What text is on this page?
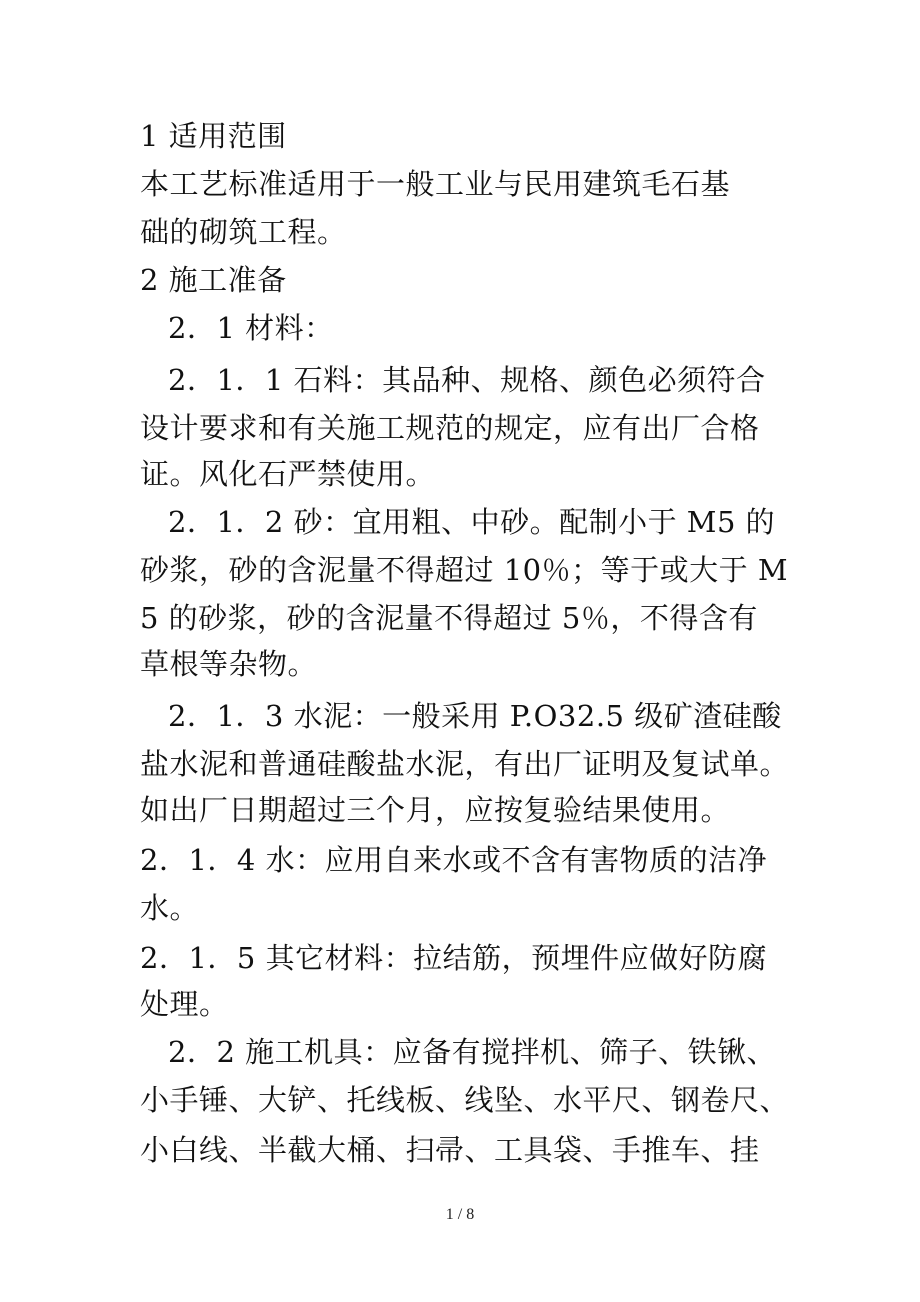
1 适用范围
本工艺标准适用于一般工业与民用建筑毛石基
础的砌筑工程。
2 施工准备
2．1 材料：
2．1．1 石料：其品种、规格、颜色必须符合
设计要求和有关施工规范的规定，应有出厂合格
证。风化石严禁使用。
2．1．2 砂：宜用粗、中砂。配制小于 M5 的
砂浆，砂的含泥量不得超过 10％；等于或大于 M
5 的砂浆，砂的含泥量不得超过 5％，不得含有
草根等杂物。
2．1．3 水泥：一般采用 P.O32.5 级矿渣硅酸
盐水泥和普通硅酸盐水泥，有出厂证明及复试单。
如出厂日期超过三个月，应按复验结果使用。
2．1．4 水：应用自来水或不含有害物质的洁净
水。
2．1．5 其它材料：拉结筋，预埋件应做好防腐
处理。
2．2 施工机具：应备有搅拌机、筛子、铁锹、
小手锤、大铲、托线板、线坠、水平尺、钢卷尺、
小白线、半截大桶、扫帚、工具袋、手推车、挂
1 / 8
